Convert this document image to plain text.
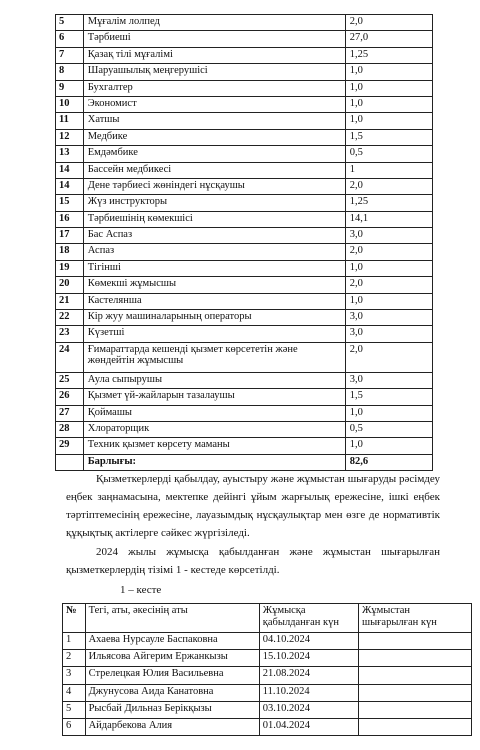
5	Мұғалім лолпед	2,0
6	Тәрбиеші	27,0
7	Қазақ тілі мұғалімі	1,25
8	Шаруашылық меңгерушісі	1,0
9	Бухгалтер	1,0
10	Экономист	1,0
11	Хатшы	1,0
12	Медбике	1,5
13	Емдәмбике	0,5
14	Бассейн медбикесі	1
14	Дене тәрбиесі жөніндегі нұсқаушы	2,0
15	Жүз инструкторы	1,25
16	Тәрбиешінің көмекшісі	14,1
17	Бас Аспаз	3,0
18	Аспаз	2,0
19	Тігінші	1,0
20	Көмекші жұмысшы	2,0
21	Кастелянша	1,0
22	Кір жуу машиналарының операторы	3,0
23	Күзетші	3,0
24	Ғимараттарда кешенді қызмет көрсететін және жөндейтін жұмысшы	2,0
25	Аула сыпырушы	3,0
26	Қызмет үй-жайларын тазалаушы	1,5
27	Қоймашы	1,0
28	Хлораторщик	0,5
29	Техник қызмет көрсету маманы	1,0
	Барлығы:	82,6
Қызметкерлерді қабылдау, ауыстыру және жұмыстан шығаруды рәсімдеу еңбек заңнамасына, мектепке дейінгі ұйым жарғылық ережесіне, ішкі еңбек тәртіптемесінің ережесіне, лауазымдық нұсқаулықтар мен өзге де нормативтік құқықтық актілерге сәйкес жүргізіледі.
2024 жылы жұмысқа қабылданған және жұмыстан шығарылған қызметкерлердің тізімі 1 - кестеде көрсетілді.
1 – кесте
№	Тегі, аты, әкесінің аты	Жұмысқа қабылданған күн	Жұмыстан шығарылған күн
1	Ахаева Нурсауле Баспаковна	04.10.2024	
2	Ильясова Айгерим Ержанкызы	15.10.2024	
3	Стрелецкая Юлия Васильевна	21.08.2024	
4	Джунусова Аида Канатовна	11.10.2024	
5	Рысбай Дильназ Берікқызы	03.10.2024	
6	Айдарбекова Алия	01.04.2024	
